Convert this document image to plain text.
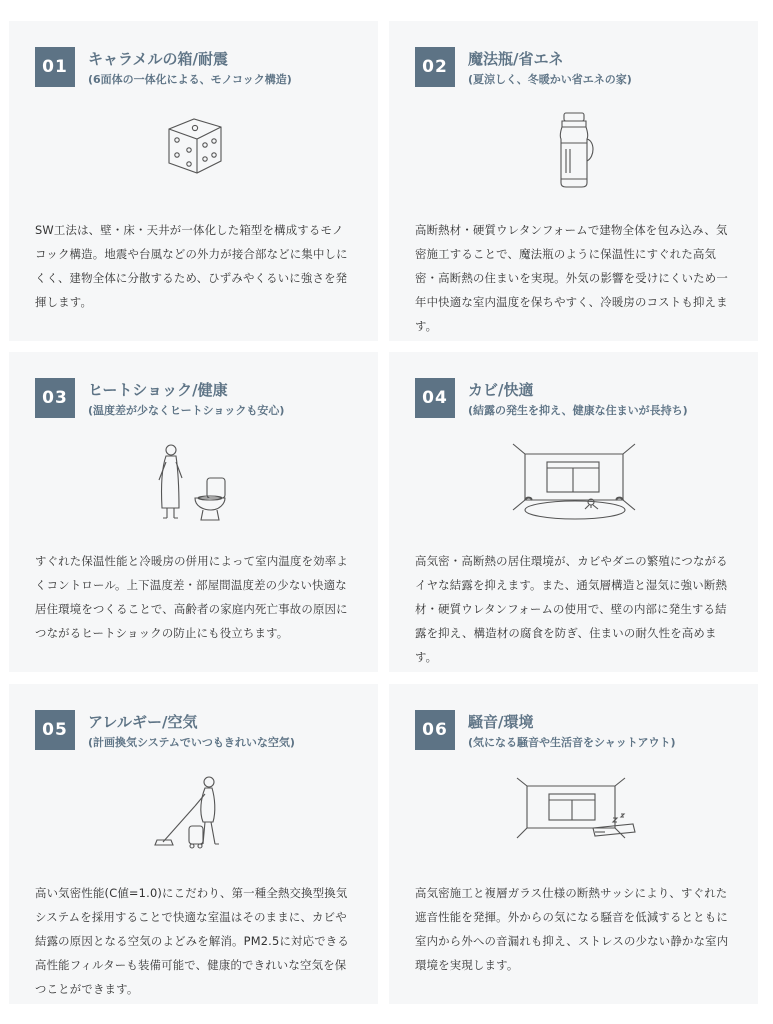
01	キャラメルの箱/耐震
(6面体の一体化による、モノコック構造)

SW工法は、壁・床・天井が一体化した箱型を構成するモノコック構造。地震や台風などの外力が接合部などに集中しにくく、建物全体に分散するため、ひずみやくるいに強さを発揮します。

02	魔法瓶/省エネ
(夏涼しく、冬暖かい省エネの家)

高断熱材・硬質ウレタンフォームで建物全体を包み込み、気密施工することで、魔法瓶のように保温性にすぐれた高気密・高断熱の住まいを実現。外気の影響を受けにくいため一年中快適な室内温度を保ちやすく、冷暖房のコストも抑えます。

03	ヒートショック/健康
(温度差が少なくヒートショックも安心)

すぐれた保温性能と冷暖房の併用によって室内温度を効率よくコントロール。上下温度差・部屋間温度差の少ない快適な居住環境をつくることで、高齢者の家庭内死亡事故の原因につながるヒートショックの防止にも役立ちます。

04	カビ/快適
(結露の発生を抑え、健康な住まいが長持ち)

高気密・高断熱の居住環境が、カビやダニの繁殖につながるイヤな結露を抑えます。また、通気層構造と湿気に強い断熱材・硬質ウレタンフォームの使用で、壁の内部に発生する結露を抑え、構造材の腐食を防ぎ、住まいの耐久性を高めます。

05	アレルギー/空気
(計画換気システムでいつもきれいな空気)

高い気密性能(C値=1.0)にこだわり、第一種全熱交換型換気システムを採用することで快適な室温はそのままに、カビや結露の原因となる空気のよどみを解消。PM2.5に対応できる高性能フィルターも装備可能で、健康的できれいな空気を保つことができます。

06	騒音/環境
(気になる騒音や生活音をシャットアウト)

高気密施工と複層ガラス仕様の断熱サッシにより、すぐれた遮音性能を発揮。外からの気になる騒音を低減するとともに室内から外への音漏れも抑え、ストレスの少ない静かな室内環境を実現します。
